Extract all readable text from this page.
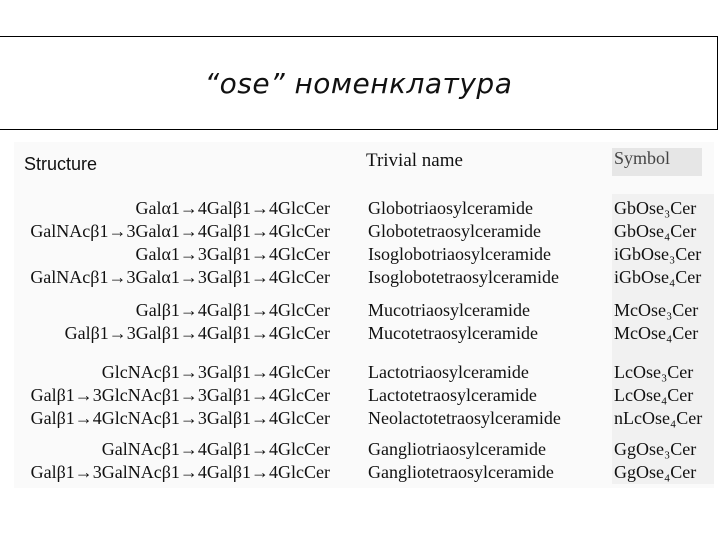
“ose” номенклатура
Structure	Trivial name	Symbol
Galα1→4Galβ1→4GlcCer
GalNAcβ1→3Galα1→4Galβ1→4GlcCer
Galα1→3Galβ1→4GlcCer
GalNAcβ1→3Galα1→3Galβ1→4GlcCer
Galβ1→4Galβ1→4GlcCer
Galβ1→3Galβ1→4Galβ1→4GlcCer
GlcNAcβ1→3Galβ1→4GlcCer
Galβ1→3GlcNAcβ1→3Galβ1→4GlcCer
Galβ1→4GlcNAcβ1→3Galβ1→4GlcCer
GalNAcβ1→4Galβ1→4GlcCer
Galβ1→3GalNAcβ1→4Galβ1→4GlcCer
Globotriaosylceramide
Globotetraosylceramide
Isoglobotriaosylceramide
Isoglobotetraosylceramide
Mucotriaosylceramide
Mucotetraosylceramide
Lactotriaosylceramide
Lactotetraosylceramide
Neolactotetraosylceramide
Gangliotriaosylceramide
Gangliotetraosylceramide
GbOse₃Cer
GbOse₄Cer
iGbOse₃Cer
iGbOse₄Cer
McOse₃Cer
McOse₄Cer
LcOse₃Cer
LcOse₄Cer
nLcOse₄Cer
GgOse₃Cer
GgOse₄Cer
